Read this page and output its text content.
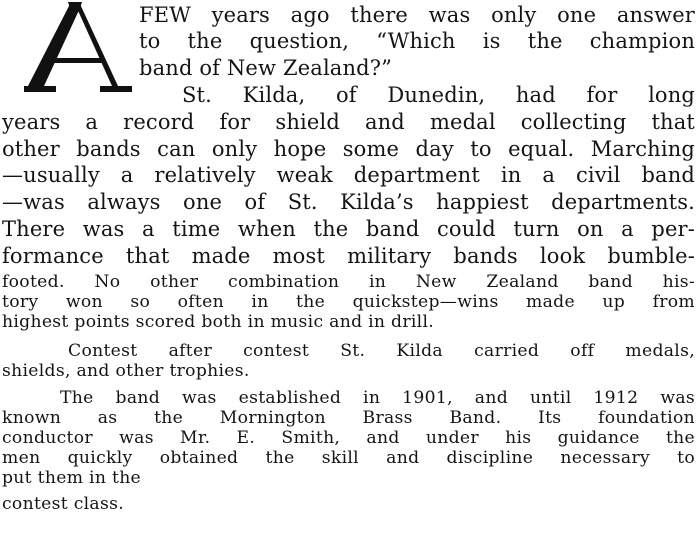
FEW years ago there was only one answer
to the question, “Which is the champion
band of New Zealand?”
St. Kilda, of Dunedin, had for long
years a record for shield and medal collecting that
other bands can only hope some day to equal. Marching
—usually a relatively weak department in a civil band
—was always one of St. Kilda’s happiest departments.
There was a time when the band could turn on a per-
formance that made most military bands look bumble-
footed. No other combination in New Zealand band his-
tory won so often in the quickstep—wins made up from
highest points scored both in music and in drill.
Contest after contest St. Kilda carried off medals,
shields, and other trophies.
The band was established in 1901, and until 1912 was
known as the Mornington Brass Band. Its foundation
conductor was Mr. E. Smith, and under his guidance the
men quickly obtained the skill and discipline necessary to
put them in the
contest class.
